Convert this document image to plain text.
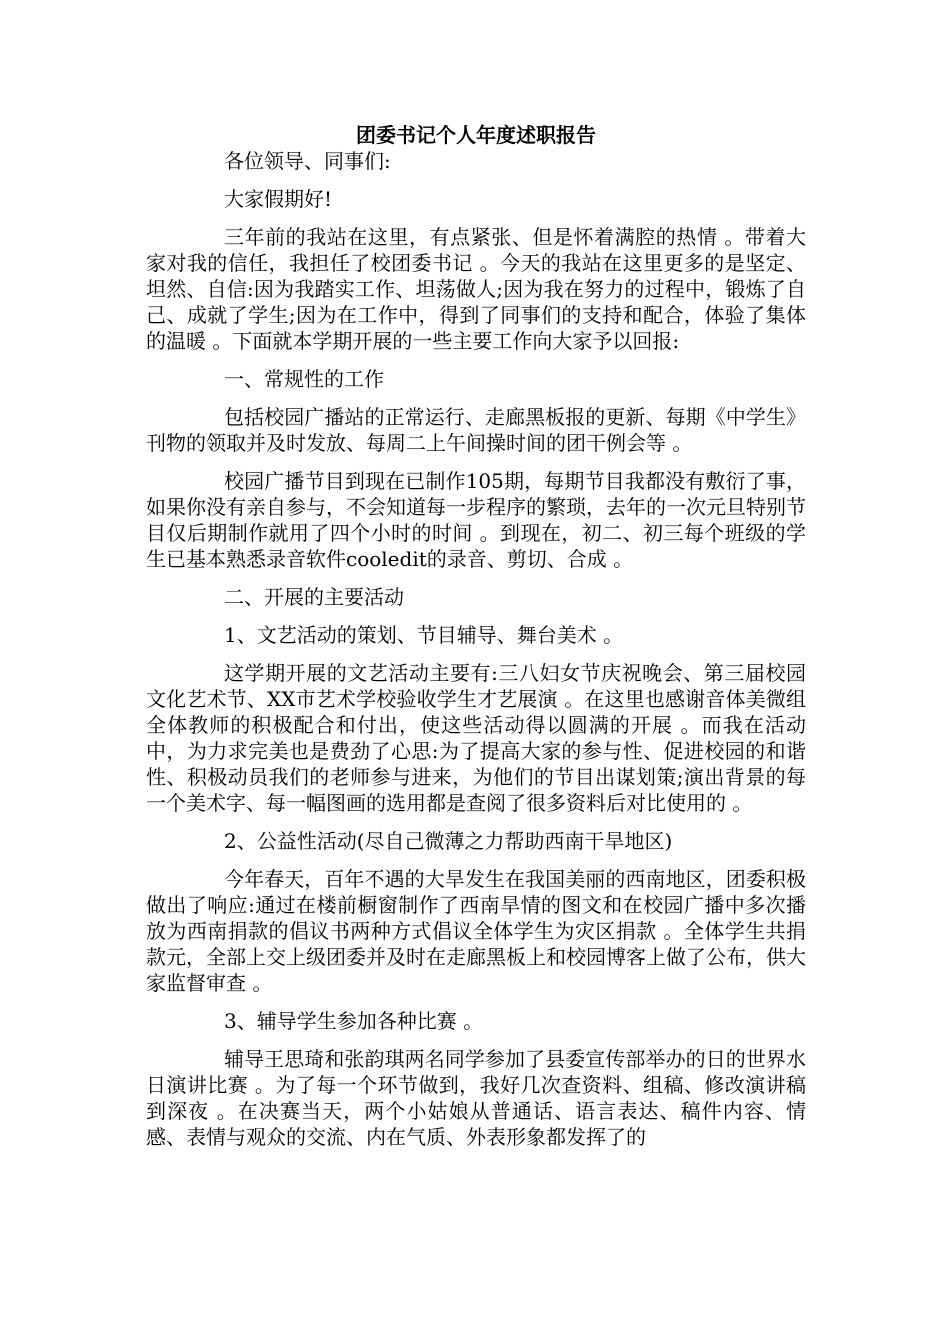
团委书记个人年度述职报告

各位领导、同事们:

大家假期好!

三年前的我站在这里，有点紧张、但是怀着满腔的热情 。带着大家对我的信任，我担任了校团委书记 。今天的我站在这里更多的是坚定、坦然、自信:因为我踏实工作、坦荡做人;因为我在努力的过程中，锻炼了自己、成就了学生;因为在工作中，得到了同事们的支持和配合，体验了集体的温暖 。下面就本学期开展的一些主要工作向大家予以回报:

一、常规性的工作

包括校园广播站的正常运行、走廊黑板报的更新、每期《中学生》刊物的领取并及时发放、每周二上午间操时间的团干例会等 。

校园广播节目到现在已制作105期，每期节目我都没有敷衍了事，如果你没有亲自参与，不会知道每一步程序的繁琐，去年的一次元旦特别节目仅后期制作就用了四个小时的时间 。到现在，初二、初三每个班级的学生已基本熟悉录音软件cooledit的录音、剪切、合成 。

二、开展的主要活动

1、文艺活动的策划、节目辅导、舞台美术 。

这学期开展的文艺活动主要有:三八妇女节庆祝晚会、第三届校园文化艺术节、XX市艺术学校验收学生才艺展演 。在这里也感谢音体美微组全体教师的积极配合和付出，使这些活动得以圆满的开展 。而我在活动中，为力求完美也是费劲了心思:为了提高大家的参与性、促进校园的和谐性、积极动员我们的老师参与进来，为他们的节目出谋划策;演出背景的每一个美术字、每一幅图画的选用都是查阅了很多资料后对比使用的 。

2、公益性活动(尽自己微薄之力帮助西南干旱地区)

今年春天，百年不遇的大旱发生在我国美丽的西南地区，团委积极做出了响应:通过在楼前橱窗制作了西南旱情的图文和在校园广播中多次播放为西南捐款的倡议书两种方式倡议全体学生为灾区捐款 。全体学生共捐款元，全部上交上级团委并及时在走廊黑板上和校园博客上做了公布，供大家监督审查 。

3、辅导学生参加各种比赛 。

辅导王思琦和张韵琪两名同学参加了县委宣传部举办的日的世界水日演讲比赛 。为了每一个环节做到，我好几次查资料、组稿、修改演讲稿到深夜 。在决赛当天，两个小姑娘从普通话、语言表达、稿件内容、情感、表情与观众的交流、内在气质、外表形象都发挥了的
